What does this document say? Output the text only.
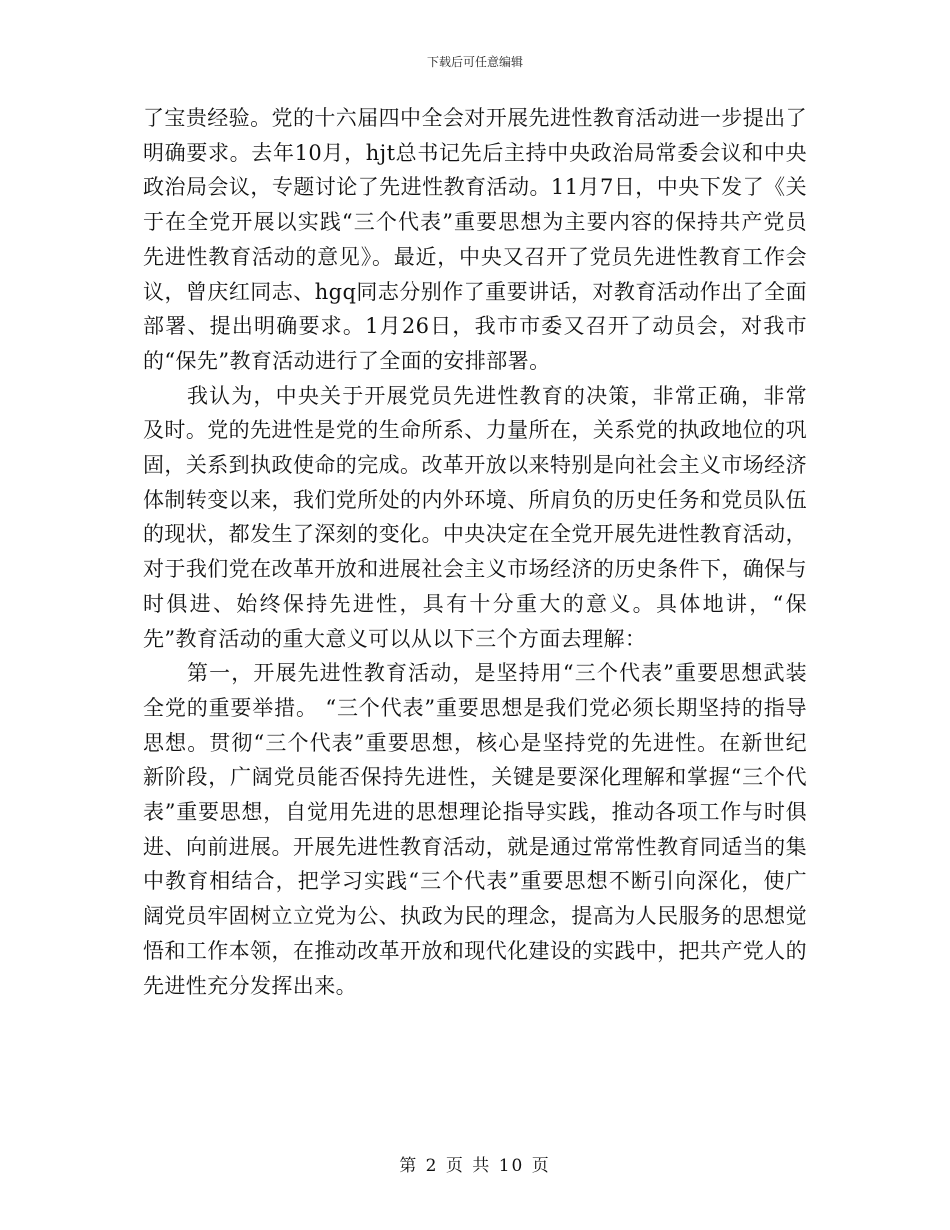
下载后可任意编辑

了宝贵经验。党的十六届四中全会对开展先进性教育活动进一步提出了明确要求。去年10月，hjt总书记先后主持中央政治局常委会议和中央政治局会议，专题讨论了先进性教育活动。11月7日，中央下发了《关于在全党开展以实践“三个代表”重要思想为主要内容的保持共产党员先进性教育活动的意见》。最近，中央又召开了党员先进性教育工作会议，曾庆红同志、hgq同志分别作了重要讲话，对教育活动作出了全面部署、提出明确要求。1月26日，我市市委又召开了动员会，对我市的“保先”教育活动进行了全面的安排部署。

我认为，中央关于开展党员先进性教育的决策，非常正确，非常及时。党的先进性是党的生命所系、力量所在，关系党的执政地位的巩固，关系到执政使命的完成。改革开放以来特别是向社会主义市场经济体制转变以来，我们党所处的内外环境、所肩负的历史任务和党员队伍的现状，都发生了深刻的变化。中央决定在全党开展先进性教育活动，对于我们党在改革开放和进展社会主义市场经济的历史条件下，确保与时俱进、始终保持先进性，具有十分重大的意义。具体地讲，“保先”教育活动的重大意义可以从以下三个方面去理解：

第一，开展先进性教育活动，是坚持用“三个代表”重要思想武装全党的重要举措。 “三个代表”重要思想是我们党必须长期坚持的指导思想。贯彻“三个代表”重要思想，核心是坚持党的先进性。在新世纪新阶段，广阔党员能否保持先进性，关键是要深化理解和掌握“三个代表”重要思想，自觉用先进的思想理论指导实践，推动各项工作与时俱进、向前进展。开展先进性教育活动，就是通过常常性教育同适当的集中教育相结合，把学习实践“三个代表”重要思想不断引向深化，使广阔党员牢固树立立党为公、执政为民的理念，提高为人民服务的思想觉悟和工作本领，在推动改革开放和现代化建设的实践中，把共产党人的先进性充分发挥出来。

第 2 页 共 10 页
